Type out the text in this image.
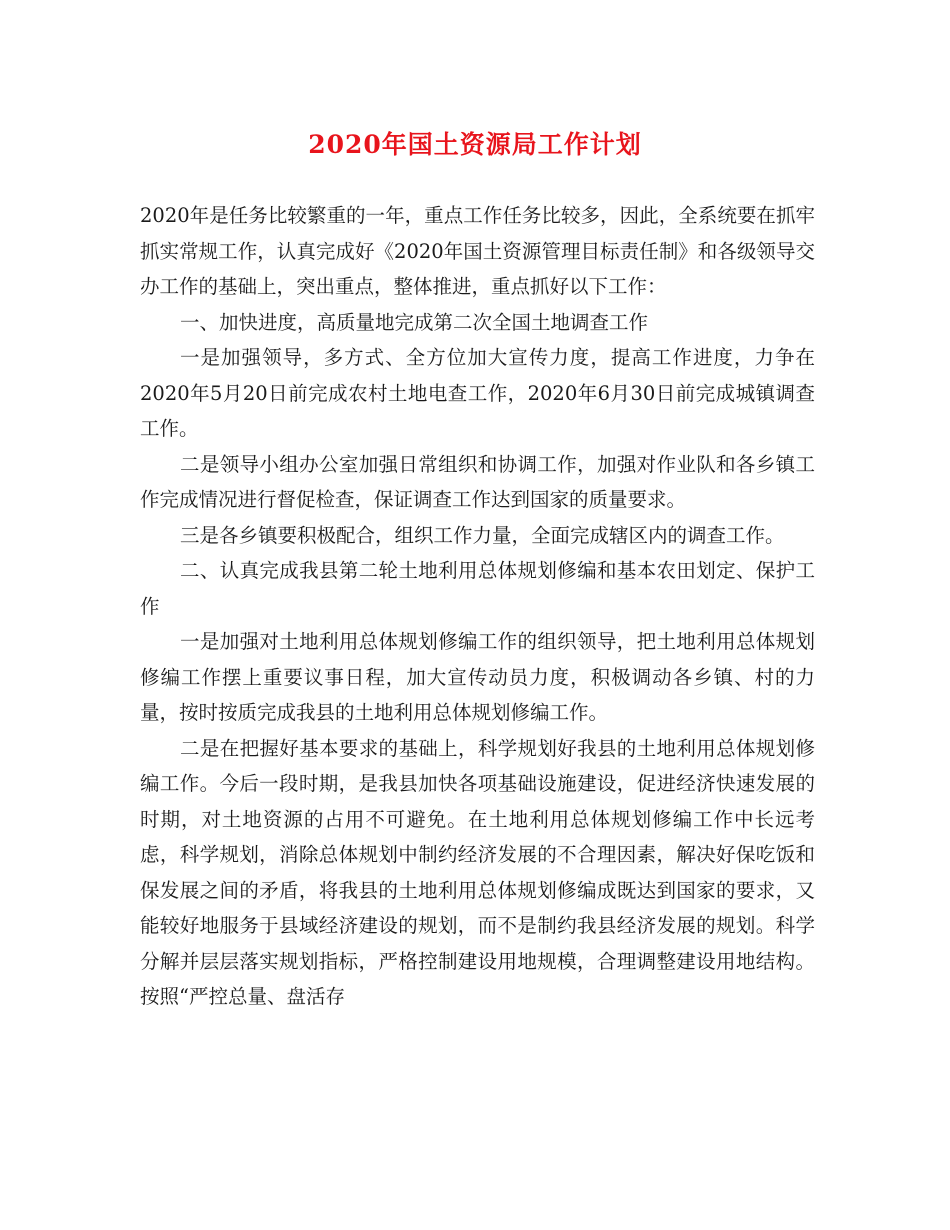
2020年国土资源局工作计划

2020年是任务比较繁重的一年，重点工作任务比较多，因此，全系统要在抓牢抓实常规工作，认真完成好《2020年国土资源管理目标责任制》和各级领导交办工作的基础上，突出重点，整体推进，重点抓好以下工作：

一、加快进度，高质量地完成第二次全国土地调查工作

一是加强领导，多方式、全方位加大宣传力度，提高工作进度，力争在2020年5月20日前完成农村土地电查工作，2020年6月30日前完成城镇调查工作。

二是领导小组办公室加强日常组织和协调工作，加强对作业队和各乡镇工作完成情况进行督促检查，保证调查工作达到国家的质量要求。

三是各乡镇要积极配合，组织工作力量，全面完成辖区内的调查工作。

二、认真完成我县第二轮土地利用总体规划修编和基本农田划定、保护工作

一是加强对土地利用总体规划修编工作的组织领导，把土地利用总体规划修编工作摆上重要议事日程，加大宣传动员力度，积极调动各乡镇、村的力量，按时按质完成我县的土地利用总体规划修编工作。

二是在把握好基本要求的基础上，科学规划好我县的土地利用总体规划修编工作。今后一段时期，是我县加快各项基础设施建设，促进经济快速发展的时期，对土地资源的占用不可避免。在土地利用总体规划修编工作中长远考虑，科学规划，消除总体规划中制约经济发展的不合理因素，解决好保吃饭和保发展之间的矛盾，将我县的土地利用总体规划修编成既达到国家的要求，又能较好地服务于县域经济建设的规划，而不是制约我县经济发展的规划。科学分解并层层落实规划指标，严格控制建设用地规模，合理调整建设用地结构。按照“严控总量、盘活存
